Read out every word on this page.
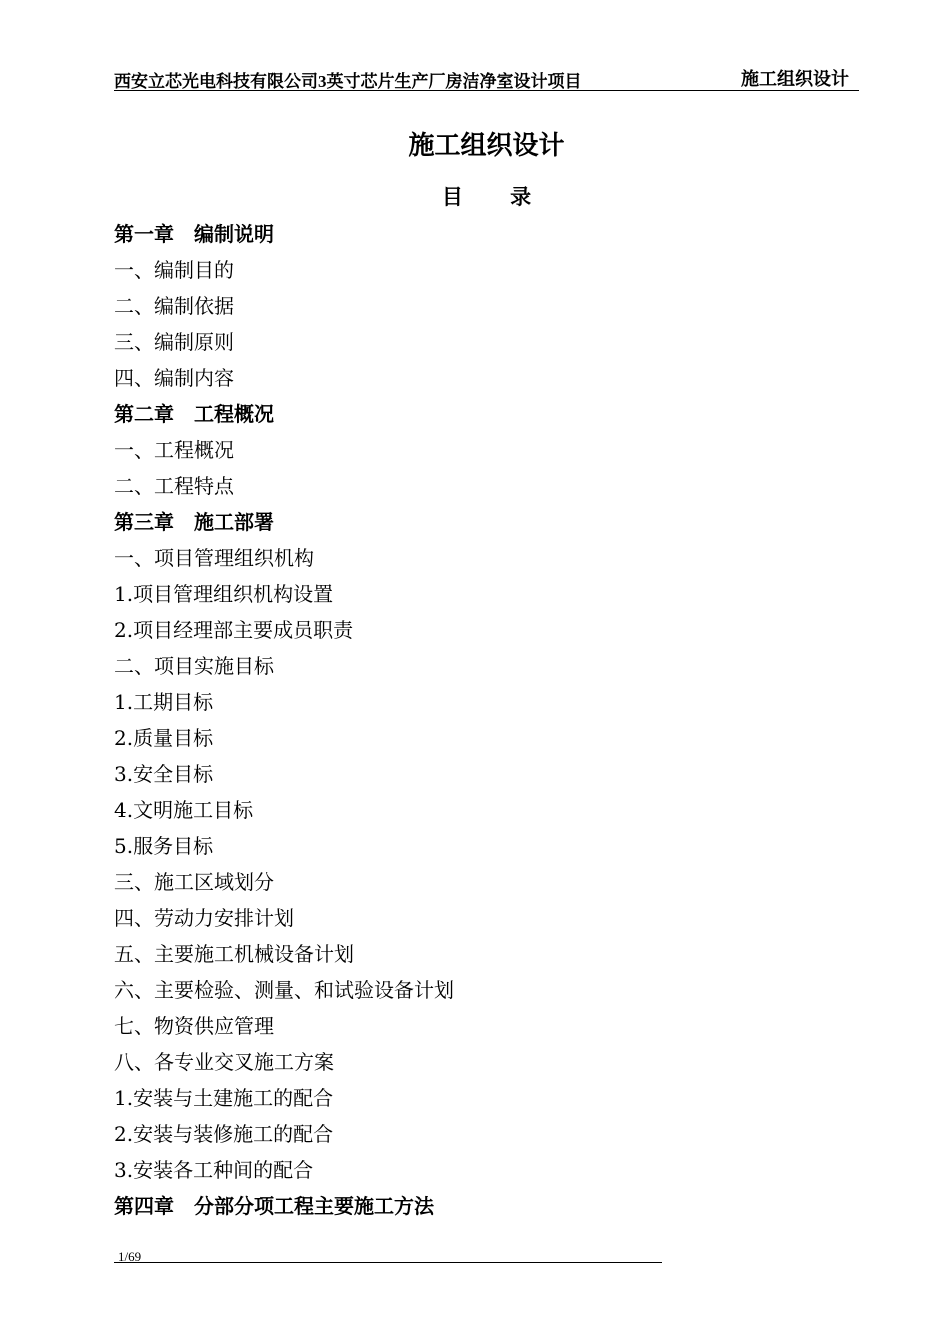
西安立芯光电科技有限公司3英寸芯片生产厂房洁净室设计项目	施工组织设计
施工组织设计
目 录
第一章　编制说明
一、编制目的
二、编制依据
三、编制原则
四、编制内容
第二章　工程概况
一、工程概况
二、工程特点
第三章　施工部署
一、项目管理组织机构
1.项目管理组织机构设置
2.项目经理部主要成员职责
二、项目实施目标
1.工期目标
2.质量目标
3.安全目标
4.文明施工目标
5.服务目标
三、施工区域划分
四、劳动力安排计划
五、主要施工机械设备计划
六、主要检验、测量、和试验设备计划
七、物资供应管理
八、各专业交叉施工方案
1.安装与土建施工的配合
2.安装与装修施工的配合
3.安装各工种间的配合
第四章　分部分项工程主要施工方法
1/69
